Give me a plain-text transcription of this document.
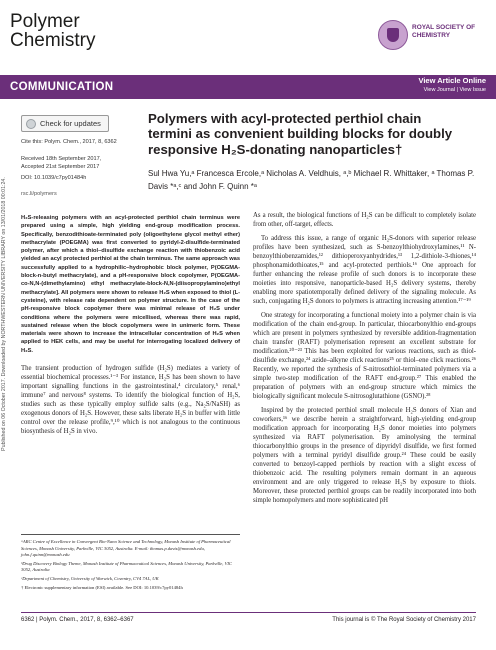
Polymer Chemistry
ROYAL SOCIETY OF CHEMISTRY
COMMUNICATION
View Article Online
View Journal | View Issue
Published on 06 October 2017. Downloaded by NORTHWESTERN UNIVERSITY LIBRARY on 13/01/2018 00:01:24.
Check for updates
Cite this: Polym. Chem., 2017, 8, 6362
Received 18th September 2017,
Accepted 21st September 2017
DOI: 10.1039/c7py01484h
rsc.li/polymers
Polymers with acyl-protected perthiol chain termini as convenient building blocks for doubly responsive H₂S-donating nanoparticles†
Sul Hwa Yu,ᵃ Francesca Ercole,ᵃ Nicholas A. Veldhuis, ᵃ,ᵇ Michael R. Whittaker, ᵃ Thomas P. Davis *ᵃ,ᶜ and John F. Quinn *ᵃ
H₂S-releasing polymers with an acyl-protected perthiol chain terminus were prepared using a simple, high yielding end-group modification process. Specifically, benzodithioate-terminated poly (oligoethylene glycol methyl ether) methacrylate (POEGMA) was first converted to pyridyl-2-disulfide-terminated polymer, after which a thiol–disulfide exchange reaction with thiobenzoic acid yielded an acyl protected perthiol at the chain terminus. The same approach was successfully applied to a hydrophilic–hydrophobic block polymer, P(OEGMA-block-n-butyl methacrylate), and a pH-responsive block copolymer, P(OEGMA-co-N,N-(dimethylamino) ethyl methacrylate-block-N,N-(diisopropylamino)ethyl methacrylate]. All polymers were shown to release H₂S when exposed to thiol (L-cysteine), with release rate dependent on polymer structure. In the case of the pH-responsive block copolymer there was minimal release of H₂S under conditions where the polymers were micellised, whereas there was rapid, sustained release when the block copolymers were in unimeric form. These materials were shown to increase the intracellular concentration of H₂S when applied to HEK cells, and may be useful for interrogating localized delivery of H₂S.

The transient production of hydrogen sulfide (H₂S) mediates a variety of essential biochemical processes.¹⁻³ For instance, H₂S has been shown to have important signalling functions in the gastrointestinal,⁴ circulatory,⁵ renal,⁶ immune⁷ and nervous⁸ systems. To identify the biological function of H₂S, studies such as these typically employ sulfide salts (e.g., Na₂S/NaSH) as exogenous donors of H₂S. However, these salts liberate H₂S in buffer with little control over the release profile,⁹,¹⁰ which is not analogous to the continuous biosynthesis of H₂S in vivo.

ᵃARC Centre of Excellence in Convergent Bio-Nano Science and Technology, Monash Institute of Pharmaceutical Sciences, Monash University, Parkville, VIC 3052, Australia. E-mail: thomas.p.davis@monash.edu, john.f.quinn@monash.edu

ᵇDrug Discovery Biology Theme, Monash Institute of Pharmaceutical Sciences, Monash University, Parkville, VIC 3052, Australia

ᶜDepartment of Chemistry, University of Warwick, Coventry, CV4 7AL, UK

† Electronic supplementary information (ESI) available. See DOI: 10.1039/c7py01484h

As a result, the biological functions of H₂S can be difficult to completely isolate from other, off-target, effects.

To address this issue, a range of organic H₂S-donors with superior release profiles have been synthesized, such as S-benzoylthiohydroxylamines,¹¹ N-benzoylthiobenzamides,¹² dithioperoxyanhydrides,¹³ 1,2-dithiole-3-thiones,¹⁴ phosphonamidothioates,¹⁵ and acyl-protected perthiols.¹⁶ One approach for further enhancing the release profile of such donors is to incorporate these moieties into responsive, nanoparticle-based H₂S delivery systems, thereby enabling more spatiotemporally defined delivery of the signaling molecule. As such, conjugating H₂S donors to polymers is attracting increasing attention.¹⁷⁻¹⁹

One strategy for incorporating a functional moiety into a polymer chain is via modification of the chain end-group. In particular, thiocarbonylthio end-groups which are present in polymers synthesized by reversible addition-fragmentation chain transfer (RAFT) polymerisation represent an excellent substrate for modification.²⁰⁻²³ This has been exploited for various reactions, such as thiol-disulfide exchange,²⁴ azide–alkyne click reactions²⁵ or thiol–ene click reactions.²⁶ Recently, we reported the synthesis of S-nitrosothiol-terminated polymers via a simple two-step modification of the RAFT end-group.²⁷ This enabled the preparation of polymers with an end-group structure which mimics the biologically significant molecule S-nitrosoglutathione (GSNO).²⁸

Inspired by the protected perthiol small molecule H₂S donors of Xian and coworkers,¹⁶ we describe herein a straightforward, high-yielding end-group modification approach for incorporating H₂S donor moieties into polymers synthesized via RAFT polymerisation. By aminolysing the terminal thiocarbonylthio groups in the presence of dipyridyl disulfide, we first formed polymers with a terminal pyridyl disulfide group.²⁴ These could be easily converted to benzoyl-capped perthiols by reaction with a slight excess of thiobenzoic acid. The resulting polymers remain dormant in an aqueous environment and are only triggered to release H₂S by exposure to thiols. Moreover, these protected perthiol groups can be readily incorporated into both simple homopolymers and more sophisticated pH

6362 | Polym. Chem., 2017, 8, 6362–6367	This journal is © The Royal Society of Chemistry 2017
